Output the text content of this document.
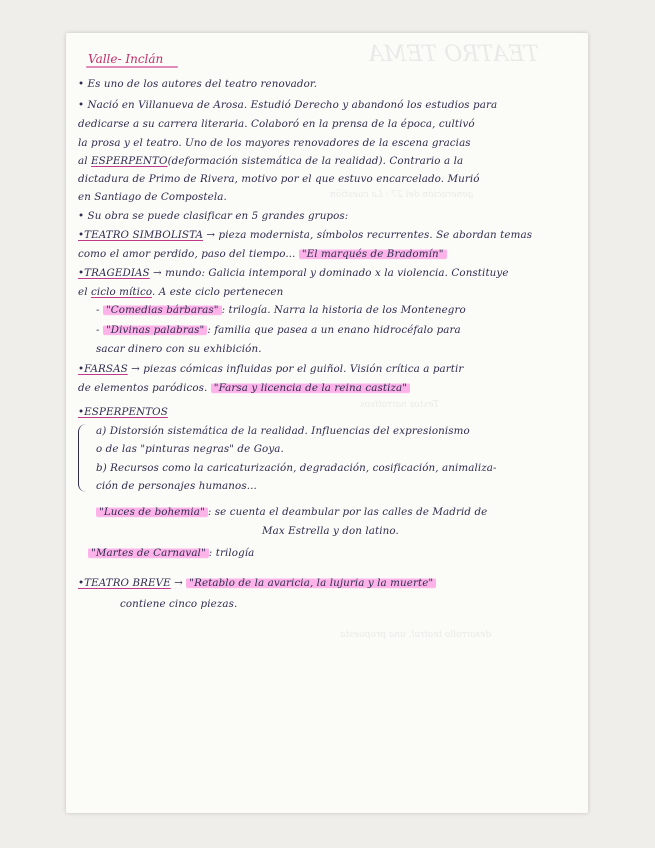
Valle- Inclán
• Es uno de los autores del teatro renovador.
• Nació en Villanueva de Arosa. Estudió Derecho y abandonó los estudios para
dedicarse a su carrera literaria. Colaboró en la prensa de la época, cultivó
la prosa y el teatro. Uno de los mayores renovadores de la escena gracias
al ESPERPENTO(deformación sistemática de la realidad). Contrario a la
dictadura de Primo de Rivera, motivo por el que estuvo encarcelado. Murió
en Santiago de Compostela.
• Su obra se puede clasificar en 5 grandes grupos:
•TEATRO SIMBOLISTA → pieza modernista, símbolos recurrentes. Se abordan temas
como el amor perdido, paso del tiempo... "El marqués de Bradomín"
•TRAGEDIAS → mundo: Galicia intemporal y dominado x la violencia. Constituye
el ciclo mítico. A este ciclo pertenecen
- "Comedias bárbaras" : trilogía. Narra la historia de los Montenegro
- "Divinas palabras" : familia que pasea a un enano hidrocéfalo para
sacar dinero con su exhibición.
•FARSAS → piezas cómicas influidas por el guiñol. Visión crítica a partir
de elementos paródicos. "Farsa y licencia de la reina castiza"
•ESPERPENTOS
a) Distorsión sistemática de la realidad. Influencias del expresionismo
o de las "pinturas negras" de Goya.
b) Recursos como la caricaturización, degradación, cosificación, animaliza-
ción de personajes humanos...
"Luces de bohemia" : se cuenta el deambular por las calles de Madrid de
Max Estrella y don latino.
"Martes de Carnaval" : trilogía
•TEATRO BREVE → "Retablo de la avaricia, la lujuria y la muerte"
contiene cinco piezas.
